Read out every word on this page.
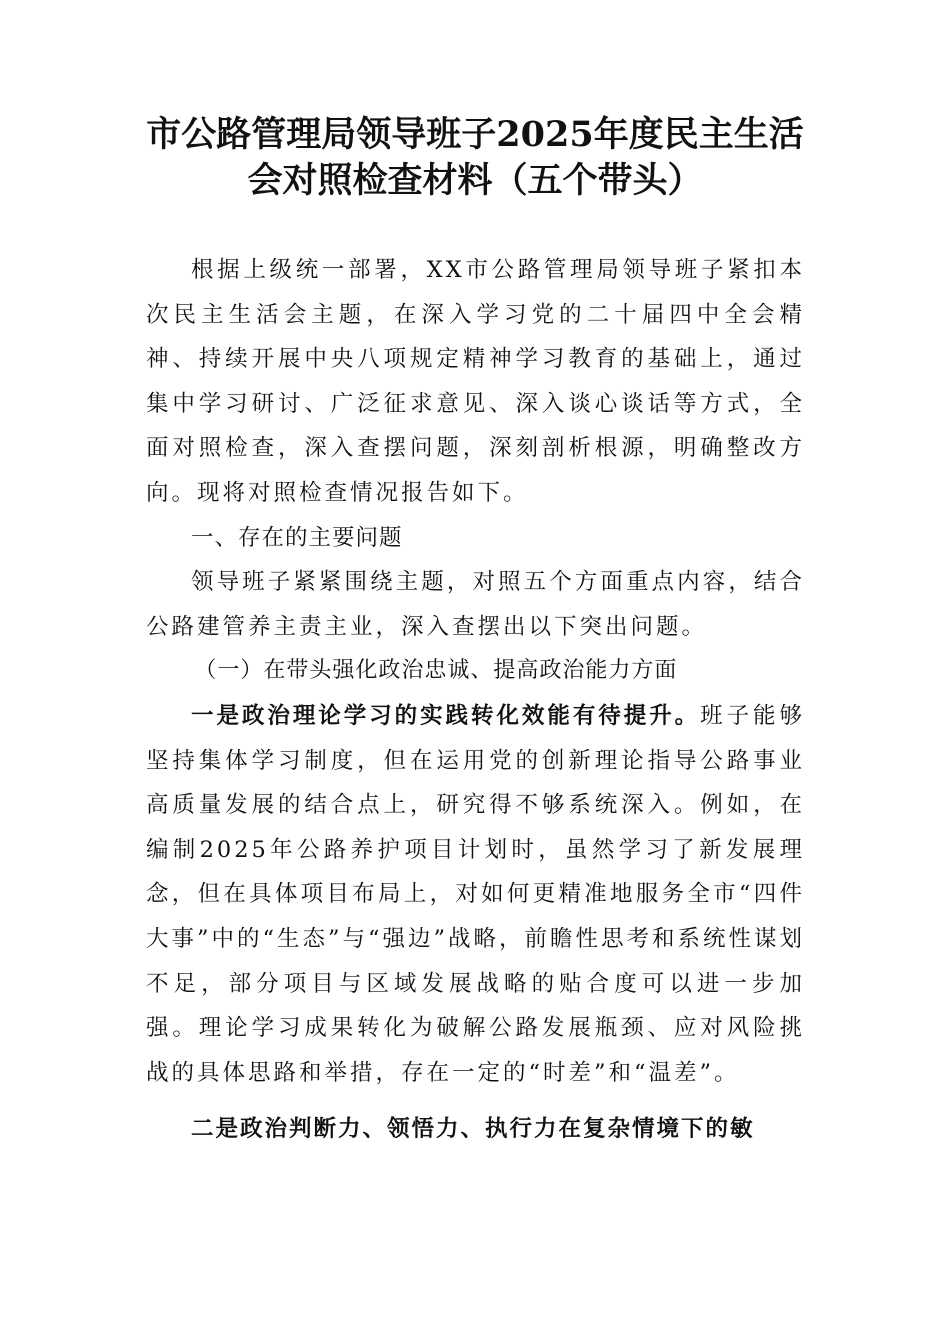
市公路管理局领导班子2025年度民主生活
会对照检查材料（五个带头）

根据上级统一部署，XX市公路管理局领导班子紧扣本次民主生活会主题，在深入学习党的二十届四中全会精神、持续开展中央八项规定精神学习教育的基础上，通过集中学习研讨、广泛征求意见、深入谈心谈话等方式，全面对照检查，深入查摆问题，深刻剖析根源，明确整改方向。现将对照检查情况报告如下。

一、存在的主要问题

领导班子紧紧围绕主题，对照五个方面重点内容，结合公路建管养主责主业，深入查摆出以下突出问题。

（一）在带头强化政治忠诚、提高政治能力方面

一是政治理论学习的实践转化效能有待提升。班子能够坚持集体学习制度，但在运用党的创新理论指导公路事业高质量发展的结合点上，研究得不够系统深入。例如，在编制2025年公路养护项目计划时，虽然学习了新发展理念，但在具体项目布局上，对如何更精准地服务全市“四件大事”中的“生态”与“强边”战略，前瞻性思考和系统性谋划不足，部分项目与区域发展战略的贴合度可以进一步加强。理论学习成果转化为破解公路发展瓶颈、应对风险挑战的具体思路和举措，存在一定的“时差”和“温差”。

二是政治判断力、领悟力、执行力在复杂情境下的敏
